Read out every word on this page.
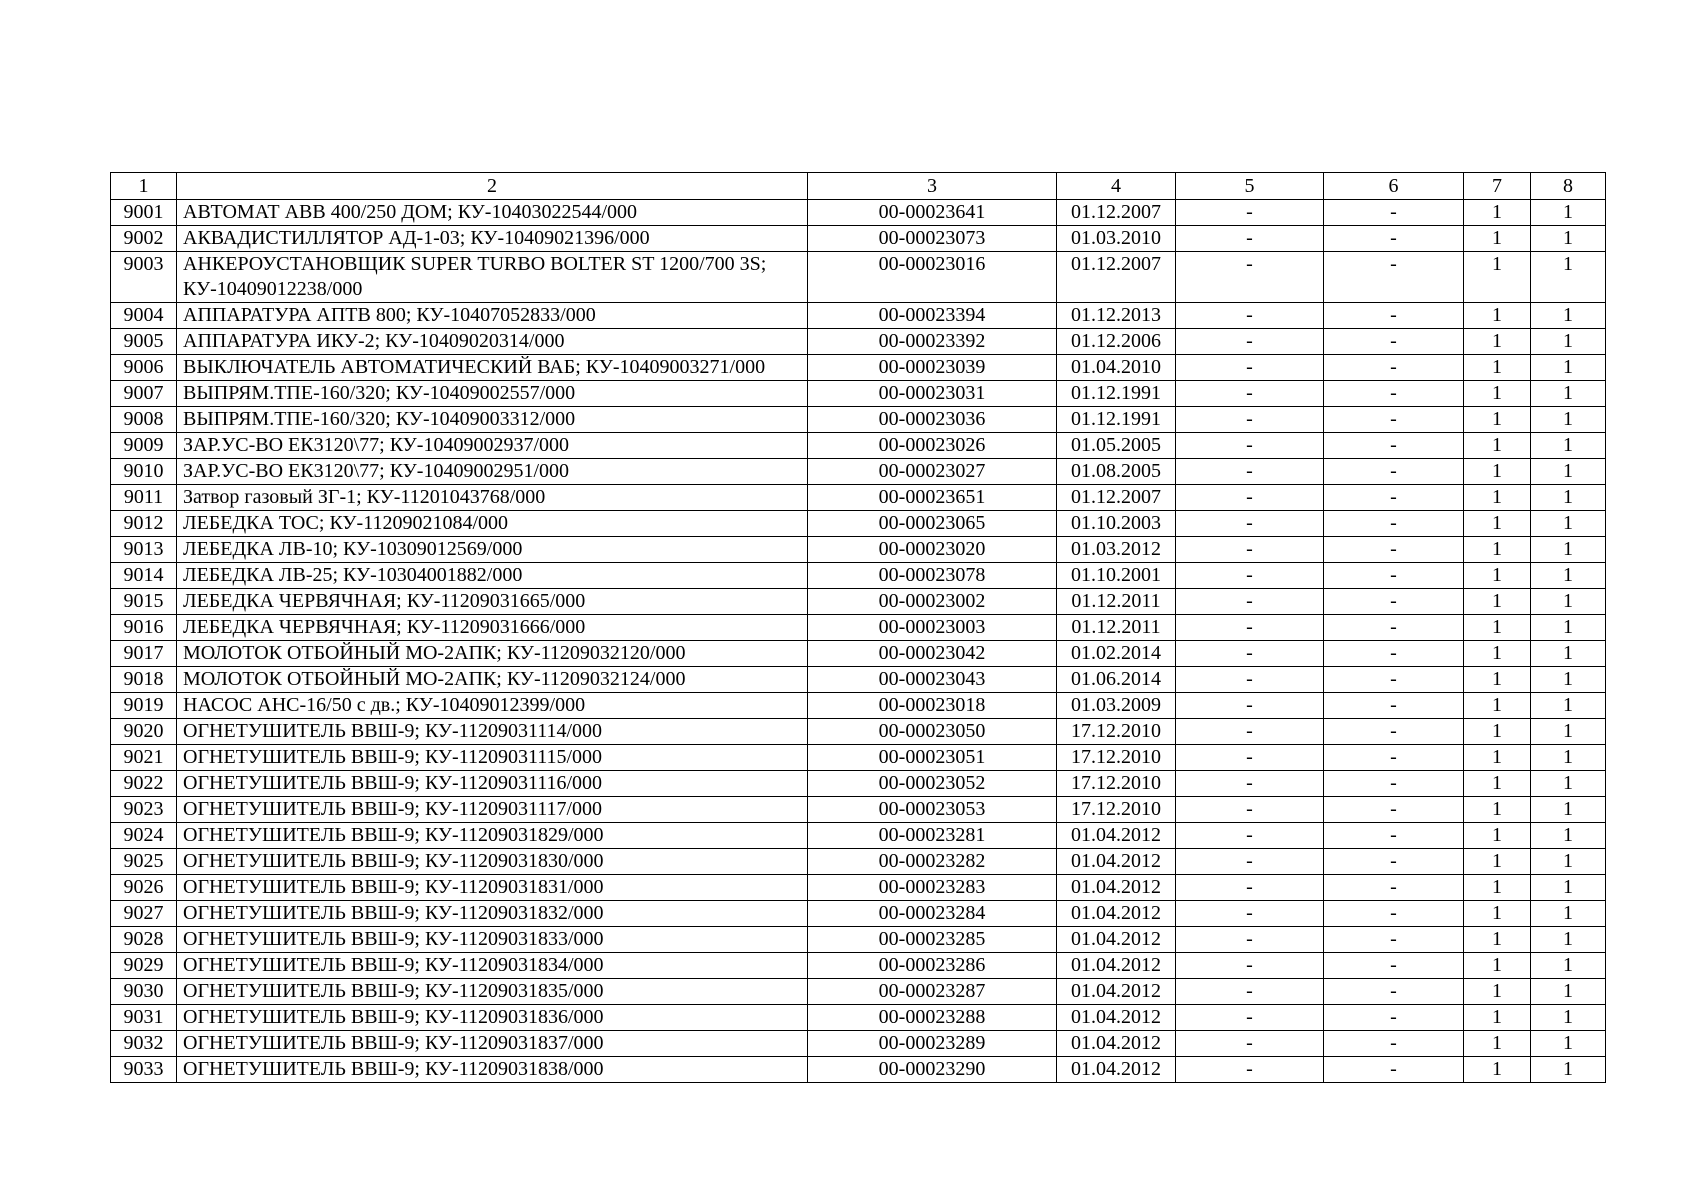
1	2	3	4	5	6	7	8
9001	АВТОМАТ АВВ 400/250 ДОМ; КУ-10403022544/000	00-00023641	01.12.2007	-	-	1	1
9002	АКВАДИСТИЛЛЯТОР АД-1-03; КУ-10409021396/000	00-00023073	01.03.2010	-	-	1	1
9003	АНКЕРОУСТАНОВЩИК SUPER TURBO BOLTER ST 1200/700 3S; КУ-10409012238/000	00-00023016	01.12.2007	-	-	1	1
9004	АППАРАТУРА АПТВ 800; КУ-10407052833/000	00-00023394	01.12.2013	-	-	1	1
9005	АППАРАТУРА ИКУ-2; КУ-10409020314/000	00-00023392	01.12.2006	-	-	1	1
9006	ВЫКЛЮЧАТЕЛЬ АВТОМАТИЧЕСКИЙ ВАБ; КУ-10409003271/000	00-00023039	01.04.2010	-	-	1	1
9007	ВЫПРЯМ.ТПЕ-160/320; КУ-10409002557/000	00-00023031	01.12.1991	-	-	1	1
9008	ВЫПРЯМ.ТПЕ-160/320; КУ-10409003312/000	00-00023036	01.12.1991	-	-	1	1
9009	ЗАР.УС-ВО ЕК3120\77; КУ-10409002937/000	00-00023026	01.05.2005	-	-	1	1
9010	ЗАР.УС-ВО ЕК3120\77; КУ-10409002951/000	00-00023027	01.08.2005	-	-	1	1
9011	Затвор газовый ЗГ-1; КУ-11201043768/000	00-00023651	01.12.2007	-	-	1	1
9012	ЛЕБЕДКА ТОС; КУ-11209021084/000	00-00023065	01.10.2003	-	-	1	1
9013	ЛЕБЕДКА ЛВ-10; КУ-10309012569/000	00-00023020	01.03.2012	-	-	1	1
9014	ЛЕБЕДКА ЛВ-25; КУ-10304001882/000	00-00023078	01.10.2001	-	-	1	1
9015	ЛЕБЕДКА ЧЕРВЯЧНАЯ; КУ-11209031665/000	00-00023002	01.12.2011	-	-	1	1
9016	ЛЕБЕДКА ЧЕРВЯЧНАЯ; КУ-11209031666/000	00-00023003	01.12.2011	-	-	1	1
9017	МОЛОТОК ОТБОЙНЫЙ МО-2АПК; КУ-11209032120/000	00-00023042	01.02.2014	-	-	1	1
9018	МОЛОТОК ОТБОЙНЫЙ МО-2АПК; КУ-11209032124/000	00-00023043	01.06.2014	-	-	1	1
9019	НАСОС АНС-16/50 с дв.; КУ-10409012399/000	00-00023018	01.03.2009	-	-	1	1
9020	ОГНЕТУШИТЕЛЬ ВВШ-9; КУ-11209031114/000	00-00023050	17.12.2010	-	-	1	1
9021	ОГНЕТУШИТЕЛЬ ВВШ-9; КУ-11209031115/000	00-00023051	17.12.2010	-	-	1	1
9022	ОГНЕТУШИТЕЛЬ ВВШ-9; КУ-11209031116/000	00-00023052	17.12.2010	-	-	1	1
9023	ОГНЕТУШИТЕЛЬ ВВШ-9; КУ-11209031117/000	00-00023053	17.12.2010	-	-	1	1
9024	ОГНЕТУШИТЕЛЬ ВВШ-9; КУ-11209031829/000	00-00023281	01.04.2012	-	-	1	1
9025	ОГНЕТУШИТЕЛЬ ВВШ-9; КУ-11209031830/000	00-00023282	01.04.2012	-	-	1	1
9026	ОГНЕТУШИТЕЛЬ ВВШ-9; КУ-11209031831/000	00-00023283	01.04.2012	-	-	1	1
9027	ОГНЕТУШИТЕЛЬ ВВШ-9; КУ-11209031832/000	00-00023284	01.04.2012	-	-	1	1
9028	ОГНЕТУШИТЕЛЬ ВВШ-9; КУ-11209031833/000	00-00023285	01.04.2012	-	-	1	1
9029	ОГНЕТУШИТЕЛЬ ВВШ-9; КУ-11209031834/000	00-00023286	01.04.2012	-	-	1	1
9030	ОГНЕТУШИТЕЛЬ ВВШ-9; КУ-11209031835/000	00-00023287	01.04.2012	-	-	1	1
9031	ОГНЕТУШИТЕЛЬ ВВШ-9; КУ-11209031836/000	00-00023288	01.04.2012	-	-	1	1
9032	ОГНЕТУШИТЕЛЬ ВВШ-9; КУ-11209031837/000	00-00023289	01.04.2012	-	-	1	1
9033	ОГНЕТУШИТЕЛЬ ВВШ-9; КУ-11209031838/000	00-00023290	01.04.2012	-	-	1	1
